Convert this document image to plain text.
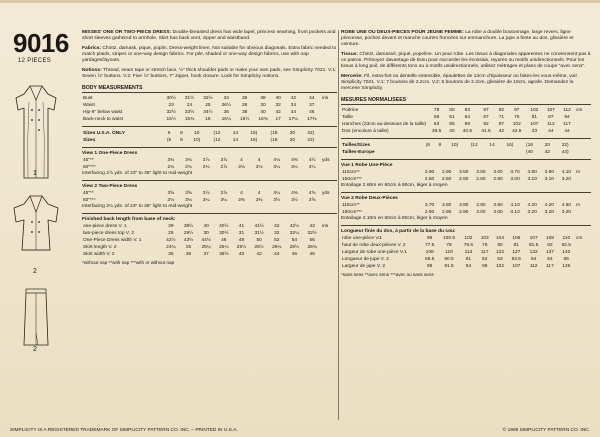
9016
12 PIECES
1
2
2
MISSES' ONE OR TWO-PIECE DRESS: Double-breasted dress has wide lapel, princess seaming, front pockets and short sleeves gathered to armhole. Skirt has back vent, zipper and waistband.
Fabrics: Chintz, damask, pique, poplin. Dress-weight linen. Not suitable for obvious diagonals. Extra fabric needed to match plaids, stripes or one-way design fabrics. For pile, shaded or one-way design fabrics, use with nap yardages/layouts.
Notions: Thread, seam tape or stretch lace, ½" thick shoulder pads or make your own pads, see Simplicity 7021. V.1: Seven ⅞" buttons. V.2: Five ⅞" buttons, 7" zipper, hook closure. Look for Simplicity notions.
BODY MEASUREMENTS
Bust	30½	31½	32½	34	36	38	40	42	44	ins
Waist	23	24	25	26½	28	30	32	34	37	
Hip-9" below waist	32½	33½	34½	36	38	40	42	44	46	
Back-neck to waist	15½	15¾	16	16¼	16½	16¾	17	17¼	17⅜	
Sizes U.S.A. ONLY	6	8	10	(12	14	16)	(18	20	22)	
Sizes	(6	8	10)	(12	14	16)	(18	20	22)	
View 1 One-Piece Dress
45"**	3¾	3¾	3⅞	3⅞	4	4	4⅛	4⅜	4½	yds
60"***	2¾	2¾	2¾	2⅞	3⅛	3⅛	3¼	3¼	3¼	
Interfacing 2⅞ yds. of 23" to 36" light to mid-weight
View 2 Two-Piece Dress
45"**	3⅝	3⅝	3⅞	3⅞	4	4	4¼	4⅜	4⅝	yds
60"***	3⅛	3⅛	3¼	3¼	3⅜	3⅜	3½	3½	3⅝	
Interfacing 2¼ yds. of 23" to 36" light to mid-weight
Finished back length from base of neck:
one-piece dress V. 1	39	39½	40	40½	41	41½	42	42½	43	ins
two-piece dress top V. 2	29	29½	30	30½	31	31½	32	32¼	32½	
One-Piece Dress width V. 1	42½	43½	44½	46	48	50	52	54	56	
Skirt length V. 2	24¾	25	25¼	25¼	25½	25½	25¼	25½	25¾	
Skirt width V. 2	35	36	37	38½	40	42	44	46	49	
*without nap **with nap ***with or without nap
ROBE UNE OU DEUX-PIECES POUR JEUNE FEMME: La robe a double boutonnage, large revers, ligne princesse, poches devant et manche courtes froncées sur emmanchure. La jupe a fente au dos, glissière et ceinture.
Tissus: Chintz, damassé, piqué, popeline. Lin pour robe. Les tissus à diagonales apparentes ne conviennent pas à ce patron. Prévoyez davantage de tissu pour raccorder les écossais, rayures ou motifs unidirectionnels. Pour les tissus à long poil, de différents tons ou à motifs unidirectionnels, utilisez métrages et plans de coupe "avec sens".
Mercerie: Fil, extra-fort ou dentelle extensible, épaulettes de 13cm d'épaisseur ou faites-les vous-même, voir Simplicity 7021. V.1: 7 boutons de 2.2cm. V.2: 5 boutons de 2.2cm, glissière de 18cm, agrafe. Demandez la mercerie Simplicity.
MESURES NORMALISEES
Poitrine	78	80	83	87	92	97	102	107	112	cm
Taille	58	61	64	67	71	76	81	87	94	
Hanches (23cm au-dessous de la taille)	83	85	88	92	97	102	107	112	117	
Dos (encolure à taille)	39.5	40	40.5	41.5	42	42.5	43	44	44	
Tailles/Sizes	(6	8	10)	(12	14	16)	(18	20	22)	
Tailles-Europe							(40	42	44)	
Vue 1 Robe Une-Pièce
115cm**	2.90	2.90	3.50	3.50	3.60	3.70	3.80	3.90	4.10	m
150cm***	2.50	2.50	2.50	2.60	2.90	3.00	3.10	3.10	3.20	
Entoilage 2.60m en 60cm à 90cm, léger à moyen
Vue 2 Robe Deux-Pièces
115cm**	3.70	3.80	3.80	3.90	3.90	4.10	4.20	4.20	4.60	m
150cm***	2.90	2.90	2.90	3.00	3.00	3.10	3.20	3.20	3.20	
Entoilage 2.10m en 60cm à 90cm, léger à moyen
Longueur finie du dos, à partir de la base du cou:
robe une-pièce V.1	99	100.5	102	103	104	106	107	108	110	cm
haut de robe deux-pièces V. 2	77.5	78	78.5	79	80	81	81.5	82	82.5	
Largeur de robe une-pièce V.1	108	110	113	117	122	127	132	137	142	
Longueur de jupe V. 2	59.5	60.5	61	62	63	63.5	64	64	65	
Largeur de jupe V. 2	89	91.5	94	98	102	107	112	117	125	
*sans sens **avec sens ***avec ou sans sens
SIMPLICITY IS A REGISTERED TRADEMARK OF SIMPLICITY PATTERN CO. INC. – PRINTED IN U.S.A.	© 1989 SIMPLICITY PATTERN CO. INC.
